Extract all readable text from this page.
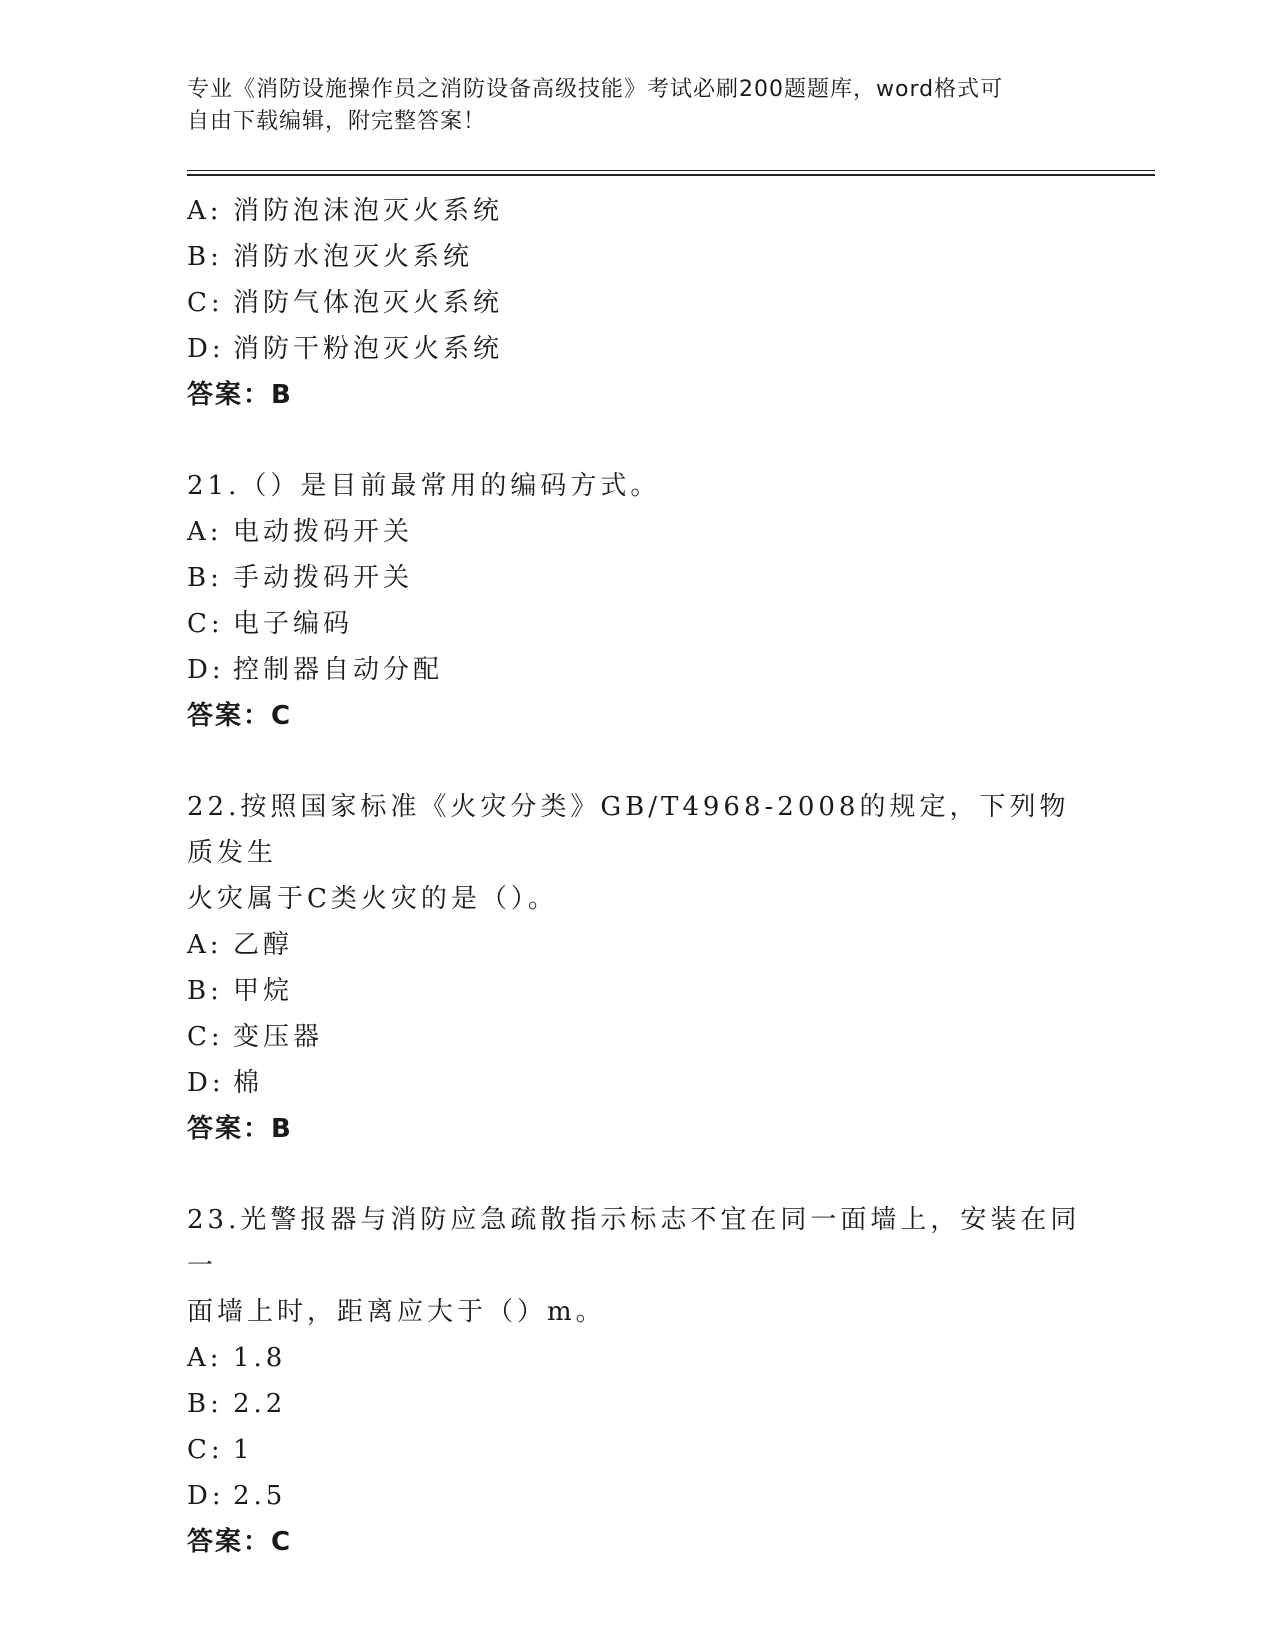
专业《消防设施操作员之消防设备高级技能》考试必刷200题题库，word格式可
自由下载编辑，附完整答案！
A: 消防泡沫泡灭火系统
B: 消防水泡灭火系统
C: 消防气体泡灭火系统
D: 消防干粉泡灭火系统
答案：B
21.（）是目前最常用的编码方式。
A: 电动拨码开关
B: 手动拨码开关
C: 电子编码
D: 控制器自动分配
答案：C
22.按照国家标准《火灾分类》GB/T4968-2008的规定，下列物质发生
火灾属于C类火灾的是（）。
A: 乙醇
B: 甲烷
C: 变压器
D: 棉
答案：B
23.光警报器与消防应急疏散指示标志不宜在同一面墙上，安装在同一
面墙上时，距离应大于（）m。
A: 1.8
B: 2.2
C: 1
D: 2.5
答案：C
